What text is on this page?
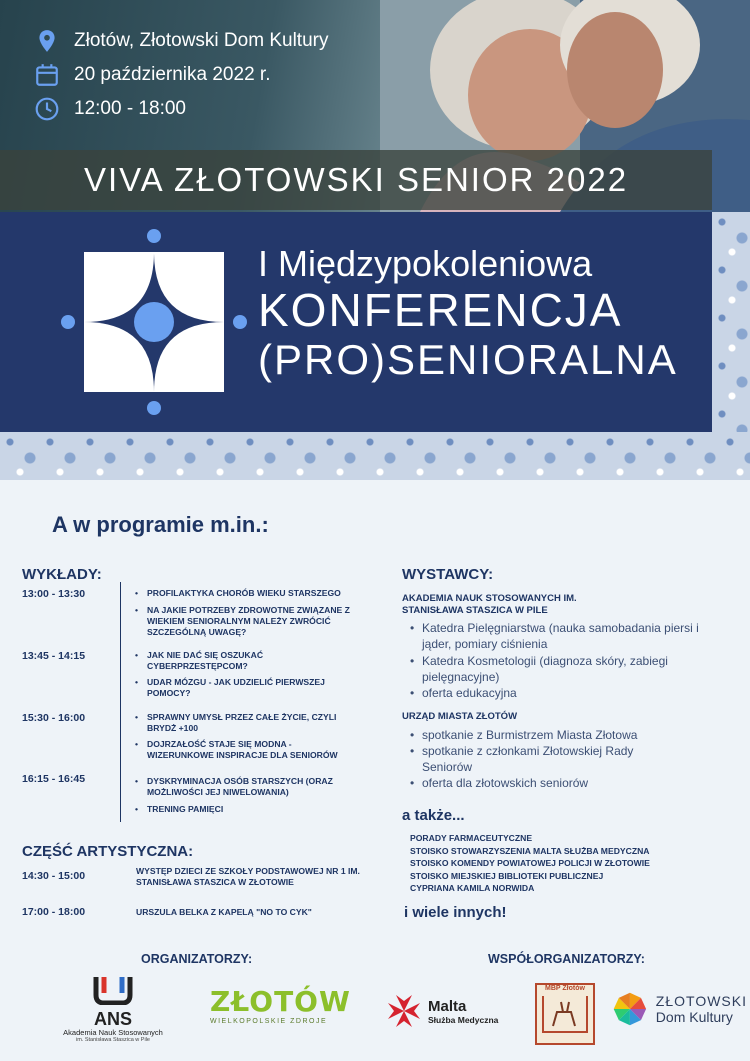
Złotów, Złotowski Dom Kultury
20 października 2022 r.
12:00 - 18:00
VIVA ZŁOTOWSKI SENIOR 2022
I Międzypokoleniowa
KONFERENCJA
(PRO)SENIORALNA
A w programie m.in.:
WYKŁADY:
13:00 - 13:30	• PROFILAKTYKA CHORÓB WIEKU STARSZEGO
• NA JAKIE POTRZEBY ZDROWOTNE ZWIĄZANE Z WIEKIEM SENIORALNYM NALEŻY ZWRÓCIĆ SZCZEGÓLNĄ UWAGĘ?
13:45 - 14:15	• JAK NIE DAĆ SIĘ OSZUKAĆ CYBERPRZESTĘPCOM?
• UDAR MÓZGU - JAK UDZIELIĆ PIERWSZEJ POMOCY?
15:30 - 16:00	• SPRAWNY UMYSŁ PRZEZ CAŁE ŻYCIE, CZYLI BRYDŻ +100
• DOJRZAŁOŚĆ STAJE SIĘ MODNA - WIZERUNKOWE INSPIRACJE DLA SENIORÓW
16:15 - 16:45	• DYSKRYMINACJA OSÓB STARSZYCH (ORAZ MOŻLIWOŚCI JEJ NIWELOWANIA)
• TRENING PAMIĘCI
CZĘŚĆ ARTYSTYCZNA:
14:30 - 15:00	WYSTĘP DZIECI ZE SZKOŁY PODSTAWOWEJ NR 1 IM. STANISŁAWA STASZICA W ZŁOTOWIE
17:00 - 18:00	URSZULA BELKA Z KAPELĄ "NO TO CYK"
WYSTAWCY:
AKADEMIA NAUK STOSOWANYCH IM. STANISŁAWA STASZICA W PILE
• Katedra Pielęgniarstwa (nauka samobadania piersi i jąder, pomiary ciśnienia
• Katedra Kosmetologii (diagnoza skóry, zabiegi pielęgnacyjne)
• oferta edukacyjna
URZĄD MIASTA ZŁOTÓW
• spotkanie z Burmistrzem Miasta Złotowa
• spotkanie z członkami Złotowskiej Rady Seniorów
• oferta dla złotowskich seniorów
a także...
PORADY FARMACEUTYCZNE
STOISKO STOWARZYSZENIA MALTA SŁUŻBA MEDYCZNA
STOISKO KOMENDY POWIATOWEJ POLICJI W ZŁOTOWIE
STOISKO MIEJSKIEJ BIBLIOTEKI PUBLICZNEJ
CYPRIANA KAMILA NORWIDA
i wiele innych!
ORGANIZATORZY:	WSPÓŁORGANIZATORZY:
ANS
Akademia Nauk Stosowanych
im. Stanisława Staszica w Pile
ZŁOTÓW
WIELKOPOLSKIE ZDROJE
Malta
Służba Medyczna
MBP Złotów
ZŁOTOWSKI
Dom Kultury
